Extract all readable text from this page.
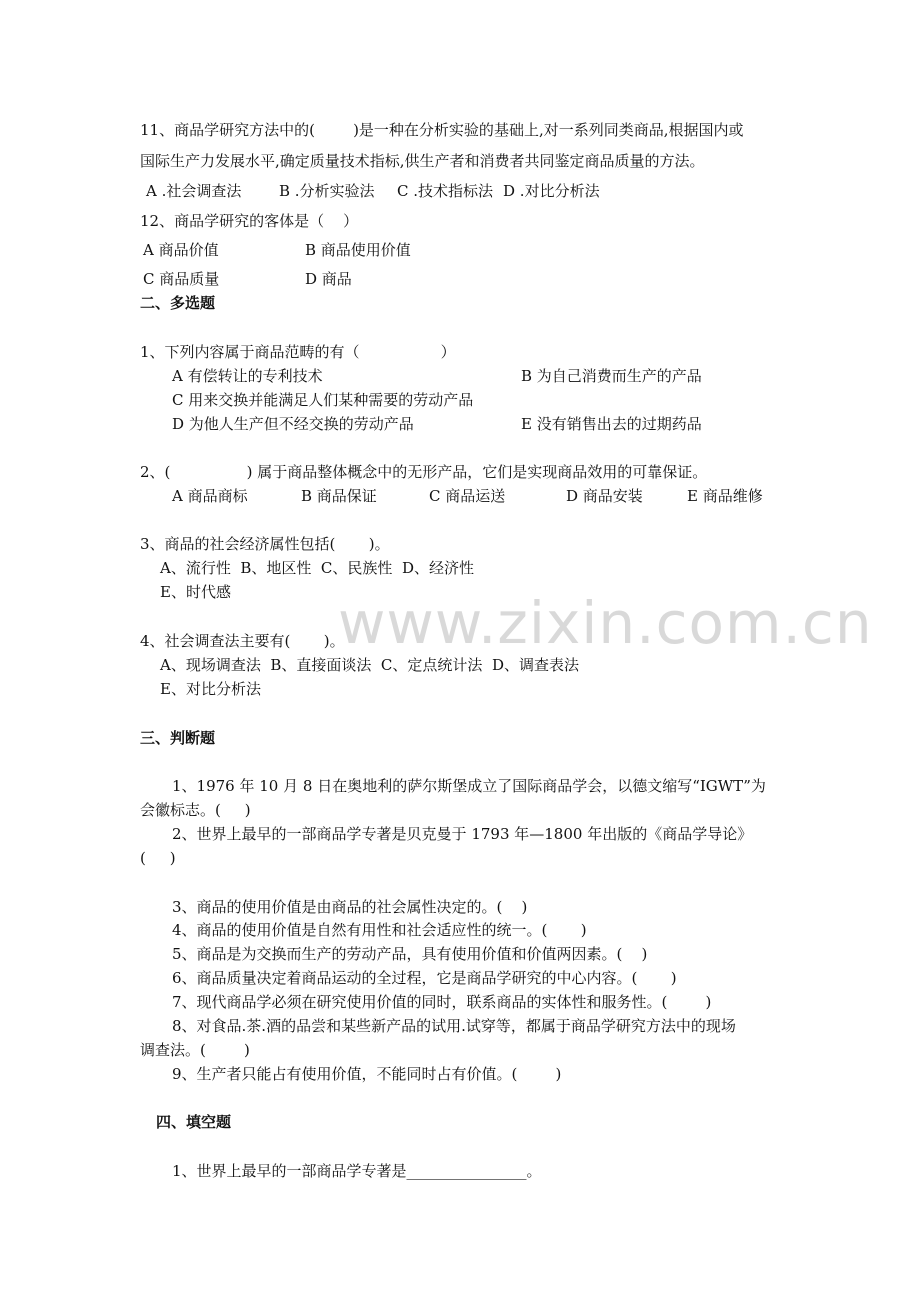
www.zixin.com.cn
11、商品学研究方法中的(        )是一种在分析实验的基础上,对一系列同类商品,根据国内或
国际生产力发展水平,确定质量技术指标,供生产者和消费者共同鉴定商品质量的方法。
A .社会调查法	B .分析实验法 C .技术指标法 D .对比分析法
12、商品学研究的客体是（    ）
A 商品价值	B 商品使用价值
C 商品质量	D 商品
二、多选题
1、下列内容属于商品范畴的有（                 ）
A 有偿转让的专利技术	B 为自己消费而生产的产品
C 用来交换并能满足人们某种需要的劳动产品
D 为他人生产但不经交换的劳动产品	E 没有销售出去的过期药品
2、(                ) 属于商品整体概念中的无形产品，它们是实现商品效用的可靠保证。
A 商品商标	B 商品保证	C 商品运送	D 商品安装	E 商品维修
3、商品的社会经济属性包括(       )。
A、流行性  B、地区性  C、民族性  D、经济性
E、时代感
4、社会调查法主要有(       )。
A、现场调查法  B、直接面谈法  C、定点统计法  D、调查表法
E、对比分析法
三、判断题
1、1976 年 10 月 8 日在奥地利的萨尔斯堡成立了国际商品学会，以德文缩写“IGWT”为
会徽标志。(     )
2、世界上最早的一部商品学专著是贝克曼于 1793 年—1800 年出版的《商品学导论》
(     )
3、商品的使用价值是由商品的社会属性决定的。(    )
4、商品的使用价值是自然有用性和社会适应性的统一。(       )
5、商品是为交换而生产的劳动产品，具有使用价值和价值两因素。(    )
6、商品质量决定着商品运动的全过程，它是商品学研究的中心内容。(       )
7、现代商品学必须在研究使用价值的同时，联系商品的实体性和服务性。(        )
8、对食品.茶.酒的品尝和某些新产品的试用.试穿等，都属于商品学研究方法中的现场
调查法。(        )
9、生产者只能占有使用价值，不能同时占有价值。(        )
四、填空题
1、世界上最早的一部商品学专著是________________。
